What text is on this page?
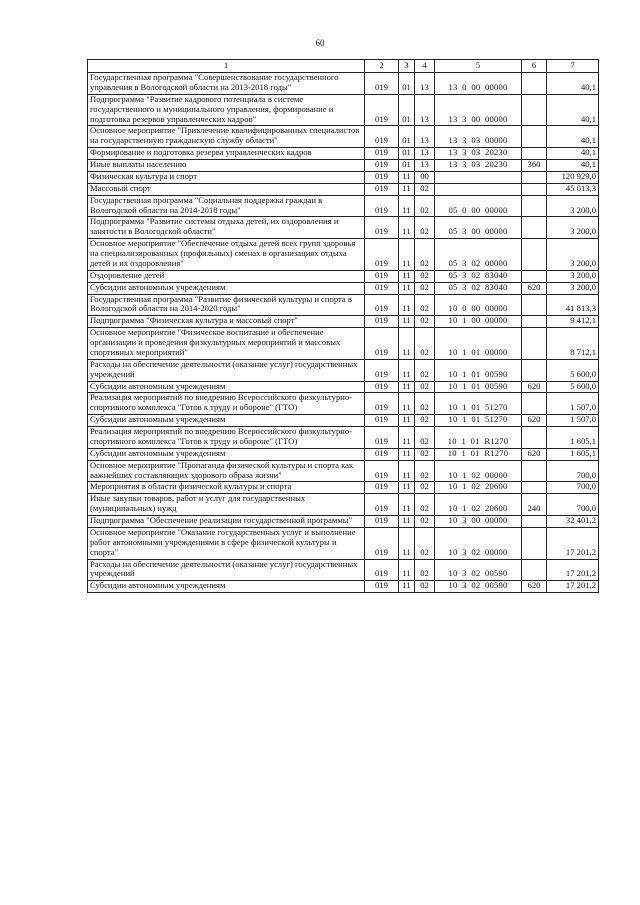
60
1	2	3	4	5	6	7
Государственная программа "Совершенствование государственного управления в Вологодской области на 2013-2018 годы"	019	01	13	13  0  00  00000		40,1
Подпрограмма "Развитие кадрового потенциала в системе государственного и муниципального управления, формирование и подготовка резервов управленческих кадров"	019	01	13	13  3  00  00000		40,1
Основное мероприятие "Привлечение квалифицированных специалистов на государственную гражданскую службу области"	019	01	13	13  3  03  00000		40,1
Формирование и подготовка резерва управленческих кадров	019	01	13	13  3  03  20230		40,1
Иные выплаты населению	019	01	13	13  3  03  20230	360	40,1
Физическая культура и спорт	019	11	00			120 929,0
Массовый спорт	019	11	02			45 013,3
Государственная программа "Социальная поддержка граждан в Вологодской области на 2014-2018 годы"	019	11	02	05  0  00  00000		3 200,0
Подпрограмма "Развитие системы отдыха детей, их оздоровления и занятости в Вологодской области"	019	11	02	05  3  00  00000		3 200,0
Основное мероприятие "Обеспечение отдыха детей всех групп здоровья на специализированных (профильных) сменах в организациях отдыха детей и их оздоровления"	019	11	02	05  3  02  00000		3 200,0
Оздоровление детей	019	11	02	05  3  02  83040		3 200,0
Субсидии автономным учреждениям	019	11	02	05  3  02  83040	620	3 200,0
Государственная программа "Развитие физической культуры и спорта в Вологодской области на 2014-2020 годы"	019	11	02	10  0  00  00000		41 813,3
Подпрограмма "Физическая культура и массовый спорт"	019	11	02	10  1  00  00000		9 412,1
Основное мероприятие "Физическое воспитание и обеспечение организации и проведения физкультурных мероприятий и массовых спортивных мероприятий"	019	11	02	10  1  01  00000		8 712,1
Расходы на обеспечение деятельности (оказание услуг) государственных учреждений	019	11	02	10  1  01  00590		5 600,0
Субсидии автономным учреждениям	019	11	02	10  1  01  00590	620	5 600,0
Реализация мероприятий по внедрению Всероссийского физкультурно-спортивного комплекса "Готов к труду и обороне" (ГТО)	019	11	02	10  1  01  51270		1 507,0
Субсидии автономным учреждениям	019	11	02	10  1  01  51270	620	1 507,0
Реализация мероприятий по внедрению Всероссийского физкультурно-спортивного комплекса "Готов к труду и обороне" (ГТО)	019	11	02	10  1  01  R1270		1 605,1
Субсидии автономным учреждениям	019	11	02	10  1  01  R1270	620	1 605,1
Основное мероприятие "Пропаганда физической культуры и спорта как важнейших составляющих здорового образа жизни"	019	11	02	10  1  02  00000		700,0
Мероприятия в области физической культуры и спорта	019	11	02	10  1  02  20600		700,0
Иные закупки товаров, работ и услуг для государственных (муниципальных) нужд	019	11	02	10  1  02  20600	240	700,0
Подпрограмма "Обеспечение реализации государственной программы"	019	11	02	10  3  00  00000		32 401,2
Основное мероприятие "Оказание государственных услуг и выполнение работ автономными учреждениями в сфере физической культуры и спорта"	019	11	02	10  3  02  00000		17 201,2
Расходы на обеспечение деятельности (оказание услуг) государственных учреждений	019	11	02	10  3  02  00590		17 201,2
Субсидии автономным учреждениям	019	11	02	10  3  02  00590	620	17 201,2
